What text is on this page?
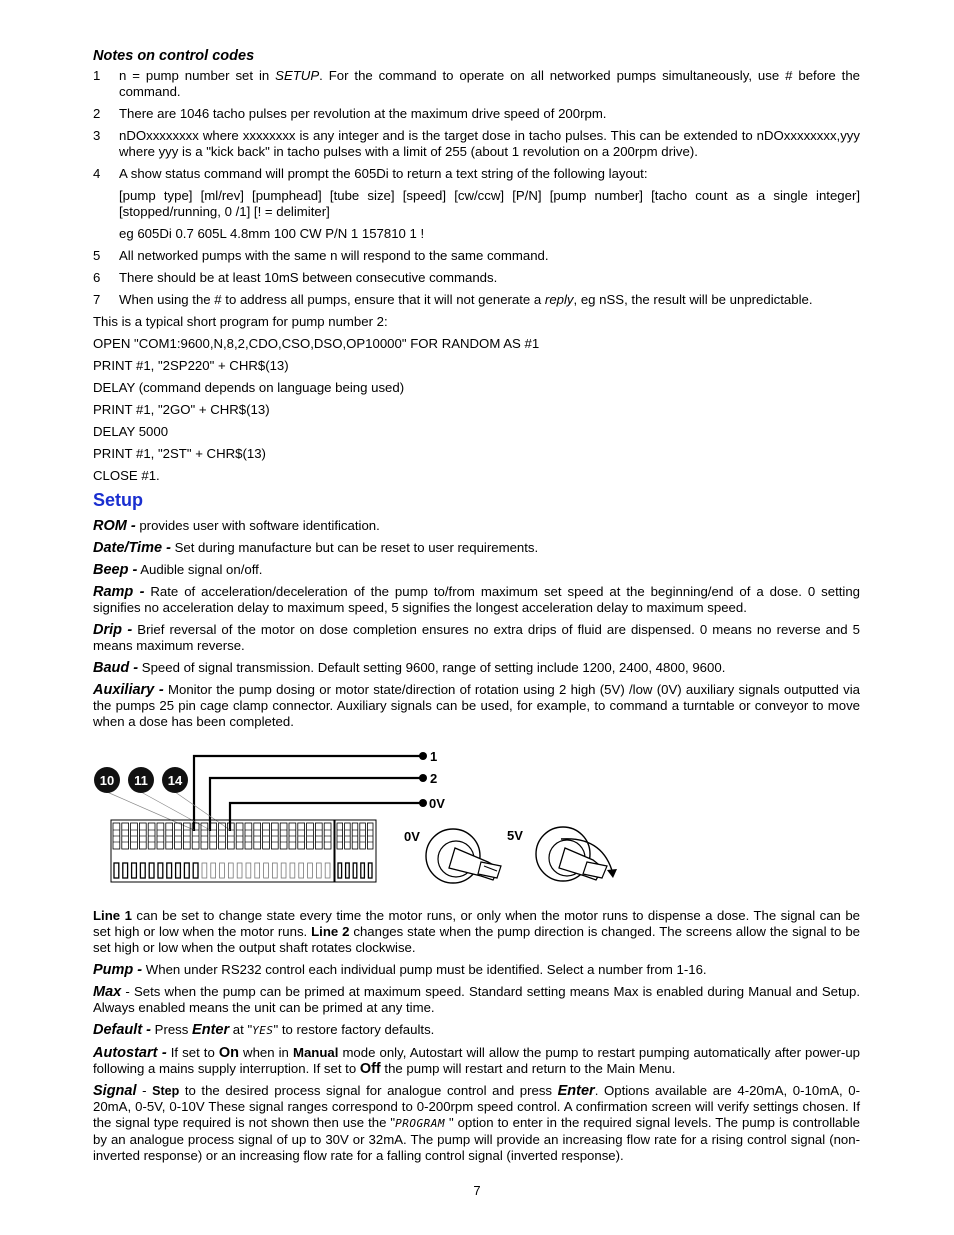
Notes on control codes
1	n = pump number set in SETUP. For the command to operate on all networked pumps simultaneously, use # before the command.
2	There are 1046 tacho pulses per revolution at the maximum drive speed of 200rpm.
3	nDOxxxxxxxx where xxxxxxxx is any integer and is the target dose in tacho pulses. This can be extended to nDOxxxxxxxx,yyy where yyy is a "kick back" in tacho pulses with a limit of 255 (about 1 revolution on a 200rpm drive).
4	A show status command will prompt the 605Di to return a text string of the following layout:
[pump type] [ml/rev] [pumphead] [tube size] [speed] [cw/ccw] [P/N] [pump number] [tacho count as a single integer] [stopped/running, 0 /1] [! = delimiter]
eg 605Di 0.7 605L 4.8mm 100 CW P/N 1 157810 1 !
5	All networked pumps with the same n will respond to the same command.
6	There should be at least 10mS between consecutive commands.
7	When using the # to address all pumps, ensure that it will not generate a reply, eg nSS, the result will be unpredictable.
This is a typical short program for pump number 2:
OPEN "COM1:9600,N,8,2,CDO,CSO,DSO,OP10000" FOR RANDOM AS #1
PRINT #1, "2SP220" + CHR$(13)
DELAY (command depends on language being used)
PRINT #1, "2GO" + CHR$(13)
DELAY 5000
PRINT #1, "2ST" + CHR$(13)
CLOSE #1.
Setup
ROM - provides user with software identification.
Date/Time - Set during manufacture but can be reset to user requirements.
Beep - Audible signal on/off.
Ramp - Rate of acceleration/deceleration of the pump to/from maximum set speed at the beginning/end of a dose. 0 setting signifies no acceleration delay to maximum speed, 5 signifies the longest acceleration delay to maximum speed.
Drip - Brief reversal of the motor on dose completion ensures no extra drips of fluid are dispensed. 0 means no reverse and 5 means maximum reverse.
Baud - Speed of signal transmission. Default setting 9600, range of setting include 1200, 2400, 4800, 9600.
Auxiliary - Monitor the pump dosing or motor state/direction of rotation using 2 high (5V) /low (0V) auxiliary signals outputted via the pumps 25 pin cage clamp connector. Auxiliary signals can be used, for example, to command a turntable or conveyor to move when a dose has been completed.
1
2
0V
10 11 14
0V	5V
Line 1 can be set to change state every time the motor runs, or only when the motor runs to dispense a dose. The signal can be set high or low when the motor runs. Line 2 changes state when the pump direction is changed. The screens allow the signal to be set high or low when the output shaft rotates clockwise.
Pump - When under RS232 control each individual pump must be identified. Select a number from 1-16.
Max - Sets when the pump can be primed at maximum speed. Standard setting means Max is enabled during Manual and Setup. Always enabled means the unit can be primed at any time.
Default - Press Enter at "YES" to restore factory defaults.
Autostart - If set to On when in Manual mode only, Autostart will allow the pump to restart pumping automatically after power-up following a mains supply interruption. If set to Off the pump will restart and return to the Main Menu.
Signal - Step to the desired process signal for analogue control and press Enter. Options available are 4-20mA, 0-10mA, 0-20mA, 0-5V, 0-10V These signal ranges correspond to 0-200rpm speed control. A confirmation screen will verify settings chosen. If the signal type required is not shown then use the "PROGRAM " option to enter in the required signal levels. The pump is controllable by an analogue process signal of up to 30V or 32mA. The pump will provide an increasing flow rate for a rising control signal (non-inverted response) or an increasing flow rate for a falling control signal (inverted response).
7
